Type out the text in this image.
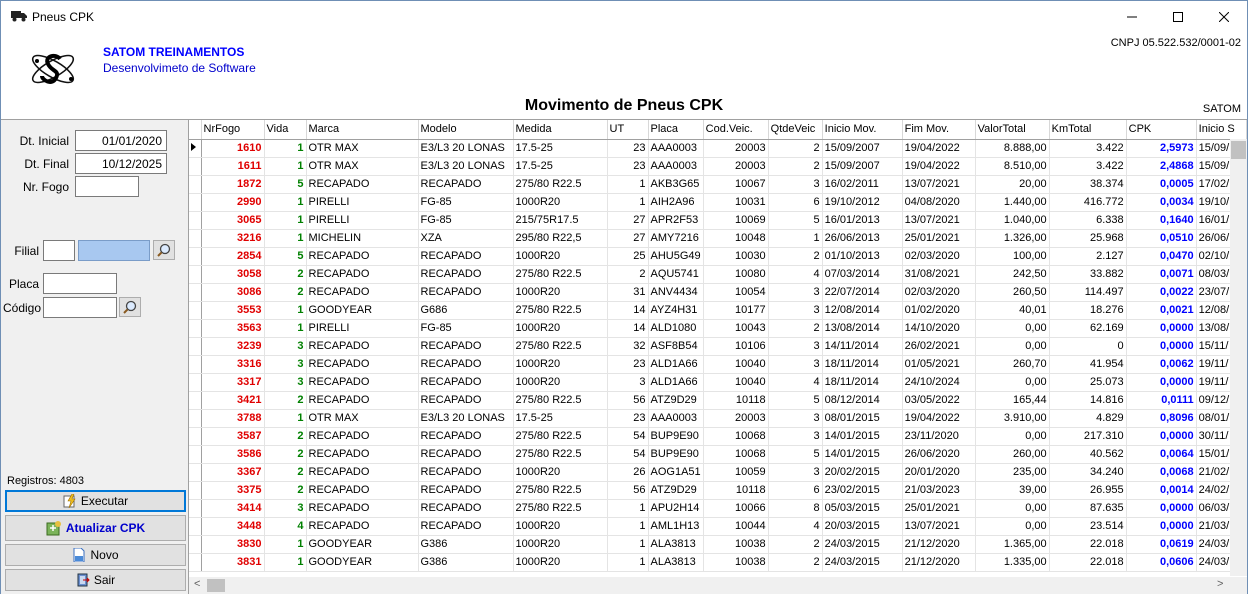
Pneus CPK
SATOM TREINAMENTOS
Desenvolvimeto de Software
CNPJ 05.522.532/0001-02
Movimento de Pneus CPK	SATOM
Dt. Inicial	01/01/2020
Dt. Final	10/12/2025
Nr. Fogo
Filial
Placa
Código
Registros: 4803
Executar
Atualizar CPK
Novo
Sair
	NrFogo	Vida	Marca	Modelo	Medida	UT	Placa	Cod.Veic.	QtdeVeic	Inicio Mov.	Fim Mov.	ValorTotal	KmTotal	CPK	Inicio S
	1610	1	OTR MAX	E3/L3 20 LONAS	17.5-25	23	AAA0003	20003	2	15/09/2007	19/04/2022	8.888,00	3.422	2,5973	15/09/
	1611	1	OTR MAX	E3/L3 20 LONAS	17.5-25	23	AAA0003	20003	2	15/09/2007	19/04/2022	8.510,00	3.422	2,4868	15/09/
	1872	5	RECAPADO	RECAPADO	275/80 R22.5	1	AKB3G65	10067	3	16/02/2011	13/07/2021	20,00	38.374	0,0005	17/02/
	2990	1	PIRELLI	FG-85	1000R20	1	AIH2A96	10031	6	19/10/2012	04/08/2020	1.440,00	416.772	0,0034	19/10/
	3065	1	PIRELLI	FG-85	215/75R17.5	27	APR2F53	10069	5	16/01/2013	13/07/2021	1.040,00	6.338	0,1640	16/01/
	3216	1	MICHELIN	XZA	295/80 R22,5	27	AMY7216	10048	1	26/06/2013	25/01/2021	1.326,00	25.968	0,0510	26/06/
	2854	5	RECAPADO	RECAPADO	1000R20	25	AHU5G49	10030	2	01/10/2013	02/03/2020	100,00	2.127	0,0470	02/10/
	3058	2	RECAPADO	RECAPADO	275/80 R22.5	2	AQU5741	10080	4	07/03/2014	31/08/2021	242,50	33.882	0,0071	08/03/
	3086	2	RECAPADO	RECAPADO	1000R20	31	ANV4434	10054	3	22/07/2014	02/03/2020	260,50	114.497	0,0022	23/07/
	3553	1	GOODYEAR	G686	275/80 R22.5	14	AYZ4H31	10177	3	12/08/2014	01/02/2020	40,01	18.276	0,0021	12/08/
	3563	1	PIRELLI	FG-85	1000R20	14	ALD1080	10043	2	13/08/2014	14/10/2020	0,00	62.169	0,0000	13/08/
	3239	3	RECAPADO	RECAPADO	275/80 R22.5	32	ASF8B54	10106	3	14/11/2014	26/02/2021	0,00	0	0,0000	15/11/
	3316	3	RECAPADO	RECAPADO	1000R20	23	ALD1A66	10040	3	18/11/2014	01/05/2021	260,70	41.954	0,0062	19/11/
	3317	3	RECAPADO	RECAPADO	1000R20	3	ALD1A66	10040	4	18/11/2014	24/10/2024	0,00	25.073	0,0000	19/11/
	3421	2	RECAPADO	RECAPADO	275/80 R22.5	56	ATZ9D29	10118	5	08/12/2014	03/05/2022	165,44	14.816	0,0111	09/12/
	3788	1	OTR MAX	E3/L3 20 LONAS	17.5-25	23	AAA0003	20003	3	08/01/2015	19/04/2022	3.910,00	4.829	0,8096	08/01/
	3587	2	RECAPADO	RECAPADO	275/80 R22.5	54	BUP9E90	10068	3	14/01/2015	23/11/2020	0,00	217.310	0,0000	30/11/
	3586	2	RECAPADO	RECAPADO	275/80 R22.5	54	BUP9E90	10068	5	14/01/2015	26/06/2020	260,00	40.562	0,0064	15/01/
	3367	2	RECAPADO	RECAPADO	1000R20	26	AOG1A51	10059	3	20/02/2015	20/01/2020	235,00	34.240	0,0068	21/02/
	3375	2	RECAPADO	RECAPADO	275/80 R22.5	56	ATZ9D29	10118	6	23/02/2015	21/03/2023	39,00	26.955	0,0014	24/02/
	3414	3	RECAPADO	RECAPADO	275/80 R22.5	1	APU2H14	10066	8	05/03/2015	25/01/2021	0,00	87.635	0,0000	06/03/
	3448	4	RECAPADO	RECAPADO	1000R20	1	AML1H13	10044	4	20/03/2015	13/07/2021	0,00	23.514	0,0000	21/03/
	3830	1	GOODYEAR	G386	1000R20	1	ALA3813	10038	2	24/03/2015	21/12/2020	1.365,00	22.018	0,0619	24/03/
	3831	1	GOODYEAR	G386	1000R20	1	ALA3813	10038	2	24/03/2015	21/12/2020	1.335,00	22.018	0,0606	24/03/
<	>
